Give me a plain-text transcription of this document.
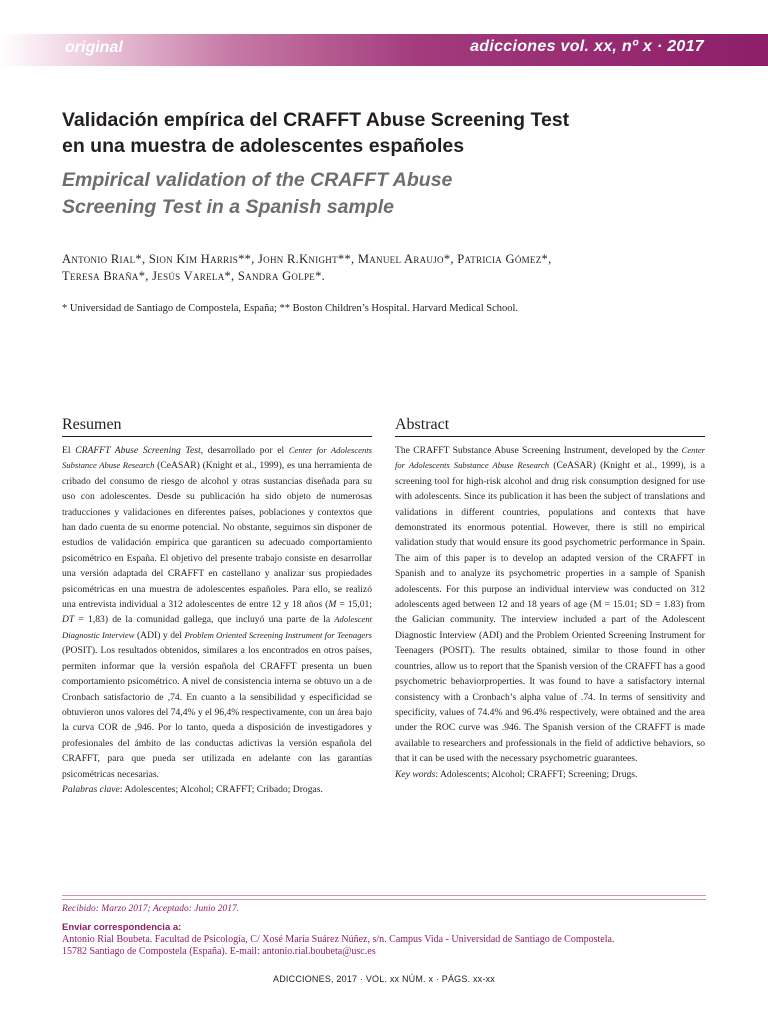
original	adicciones vol. xx, nº x · 2017
Validación empírica del CRAFFT Abuse Screening Test
en una muestra de adolescentes españoles
Empirical validation of the CRAFFT Abuse
Screening Test in a Spanish sample
Antonio Rial*, Sion Kim Harris**, John R.Knight**, Manuel Araujo*, Patricia Gómez*,
Teresa Braña*, Jesús Varela*, Sandra Golpe*.
* Universidad de Santiago de Compostela, España; ** Boston Children’s Hospital. Harvard Medical School.
Resumen

El CRAFFT Abuse Screening Test, desarrollado por el Center for Adolescents Substance Abuse Research (CeASAR) (Knight et al., 1999), es una herramienta de cribado del consumo de riesgo de alcohol y otras sustancias diseñada para su uso con adolescentes. Desde su publicación ha sido objeto de numerosas traducciones y validaciones en diferentes países, poblaciones y contextos que han dado cuenta de su enorme potencial. No obstante, seguimos sin disponer de estudios de validación empírica que garanticen su adecuado comportamiento psicométrico en España. El objetivo del presente trabajo consiste en desarrollar una versión adaptada del CRAFFT en castellano y analizar sus propiedades psicométricas en una muestra de adolescentes españoles. Para ello, se realizó una entrevista individual a 312 adolescentes de entre 12 y 18 años (M = 15,01; DT = 1,83) de la comunidad gallega, que incluyó una parte de la Adolescent Diagnostic Interview (ADI) y del Problem Oriented Screening Instrument for Teenagers (POSIT). Los resultados obtenidos, similares a los encontrados en otros países, permiten informar que la versión española del CRAFFT presenta un buen comportamiento psicométrico. A nivel de consistencia interna se obtuvo un a de Cronbach satisfactorio de ,74. En cuanto a la sensibilidad y especificidad se obtuvieron unos valores del 74,4% y el 96,4% respectivamente, con un área bajo la curva COR de ,946. Por lo tanto, queda a disposición de investigadores y profesionales del ámbito de las conductas adictivas la versión española del CRAFFT, para que pueda ser utilizada en adelante con las garantías psicométricas necesarias.

Palabras clave: Adolescentes; Alcohol; CRAFFT; Cribado; Drogas.
Abstract

The CRAFFT Substance Abuse Screening Instrument, developed by the Center for Adolescents Substance Abuse Research (CeASAR) (Knight et al., 1999), is a screening tool for high-risk alcohol and drug risk consumption designed for use with adolescents. Since its publication it has been the subject of translations and validations in different countries, populations and contexts that have demonstrated its enormous potential. However, there is still no empirical validation study that would ensure its good psychometric performance in Spain. The aim of this paper is to develop an adapted version of the CRAFFT in Spanish and to analyze its psychometric properties in a sample of Spanish adolescents. For this purpose an individual interview was conducted on 312 adolescents aged between 12 and 18 years of age (M = 15.01; SD = 1.83) from the Galician community. The interview included a part of the Adolescent Diagnostic Interview (ADI) and the Problem Oriented Screening Instrument for Teenagers (POSIT). The results obtained, similar to those found in other countries, allow us to report that the Spanish version of the CRAFFT has a good psychometric behaviorproperties. It was found to have a satisfactory internal consistency with a Cronbach’s alpha value of .74. In terms of sensitivity and specificity, values of 74.4% and 96.4% respectively, were obtained and the area under the ROC curve was .946. The Spanish version of the CRAFFT is made available to researchers and professionals in the field of addictive behaviors, so that it can be used with the necessary psychometric guarantees.

Key words: Adolescents; Alcohol; CRAFFT; Screening; Drugs.
Recibido: Marzo 2017; Aceptado: Junio 2017.
Enviar correspondencia a:
Antonio Rial Boubeta. Facultad de Psicología, C/ Xosé María Suárez Núñez, s/n. Campus Vida - Universidad de Santiago de Compostela.
15782 Santiago de Compostela (España). E-mail: antonio.rial.boubeta@usc.es
ADICCIONES, 2017 · VOL. xx NÚM. x · PÁGS. xx-xx
